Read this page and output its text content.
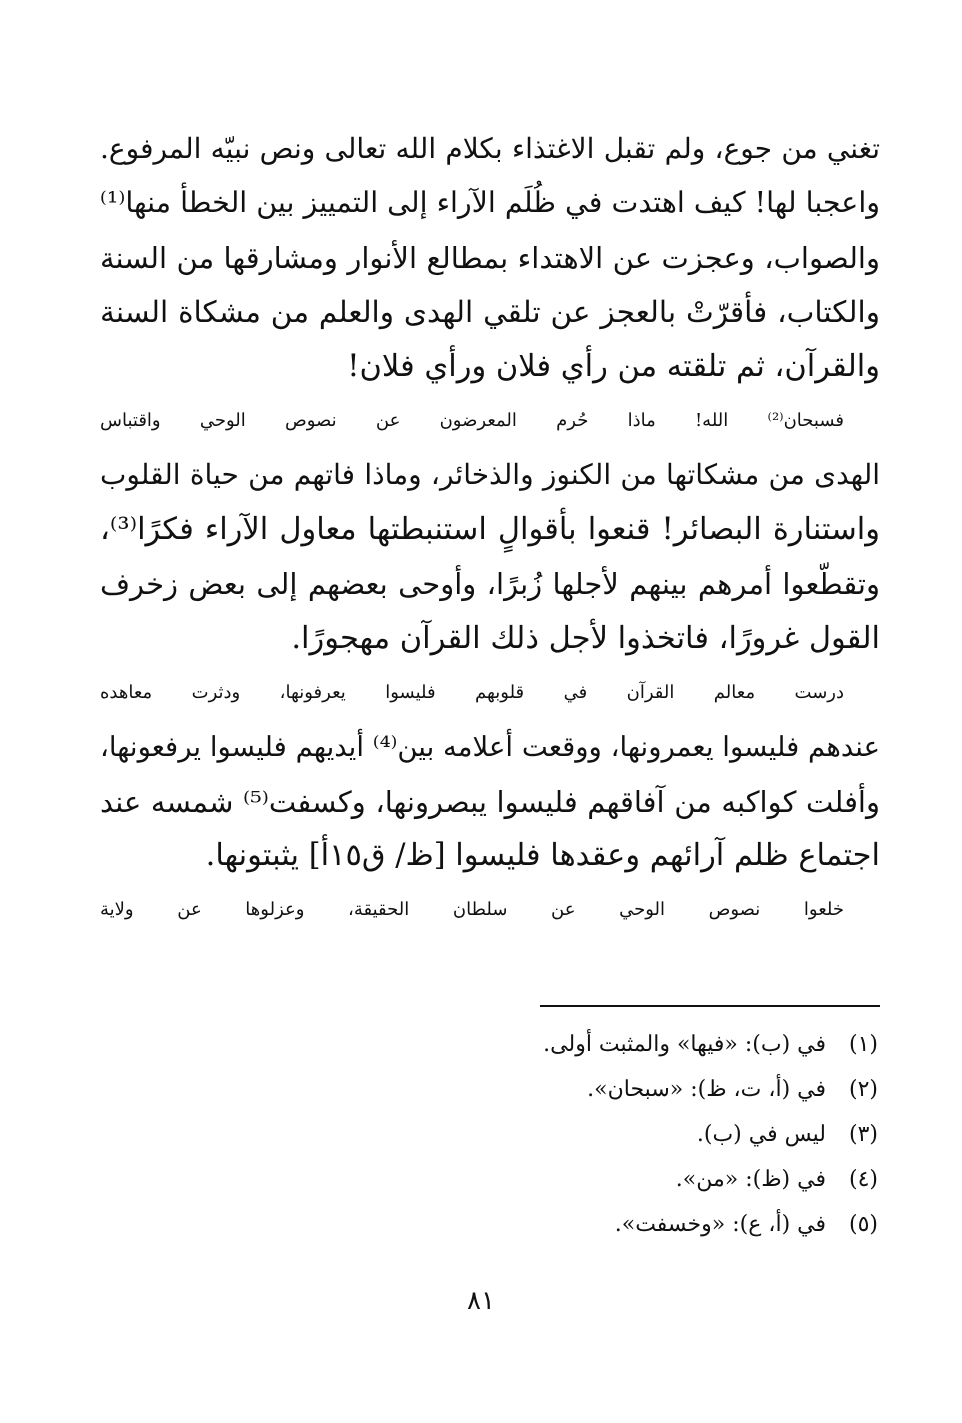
تغني من جوع، ولم تقبل الاغتذاء بكلام الله تعالى ونص نبيّه المرفوع.
واعجبا لها! كيف اهتدت في ظُلَم الآراء إلى التمييز بين الخطأ منها⁽¹⁾
والصواب، وعجزت عن الاهتداء بمطالع الأنوار ومشارقها من السنة
والكتاب، فأقرّتْ بالعجز عن تلقي الهدى والعلم من مشكاة السنة
والقرآن، ثم تلقته من رأي فلان ورأي فلان!
فسبحان⁽²⁾ الله! ماذا حُرم المعرضون عن نصوص الوحي واقتباس
الهدى من مشكاتها من الكنوز والذخائر، وماذا فاتهم من حياة القلوب
واستنارة البصائر! قنعوا بأقوالٍ استنبطتها معاول الآراء فكرًا⁽³⁾،
وتقطّعوا أمرهم بينهم لأجلها زُبرًا، وأوحى بعضهم إلى بعض زخرف
القول غرورًا، فاتخذوا لأجل ذلك القرآن مهجورًا.
درست معالم القرآن في قلوبهم فليسوا يعرفونها، ودثرت معاهده
عندهم فليسوا يعمرونها، ووقعت أعلامه بين⁽⁴⁾ أيديهم فليسوا يرفعونها،
وأفلت كواكبه من آفاقهم فليسوا يبصرونها، وكسفت⁽⁵⁾ شمسه عند
اجتماع ظلم آرائهم وعقدها فليسوا [ظ/ ق١٥أ] يثبتونها.
خلعوا نصوص الوحي عن سلطان الحقيقة، وعزلوها عن ولاية
(١)في (ب): «فيها» والمثبت أولى.
(٢)في (أ، ت، ظ): «سبحان».
(٣)ليس في (ب).
(٤)في (ظ): «من».
(٥)في (أ، ع): «وخسفت».
٨١
